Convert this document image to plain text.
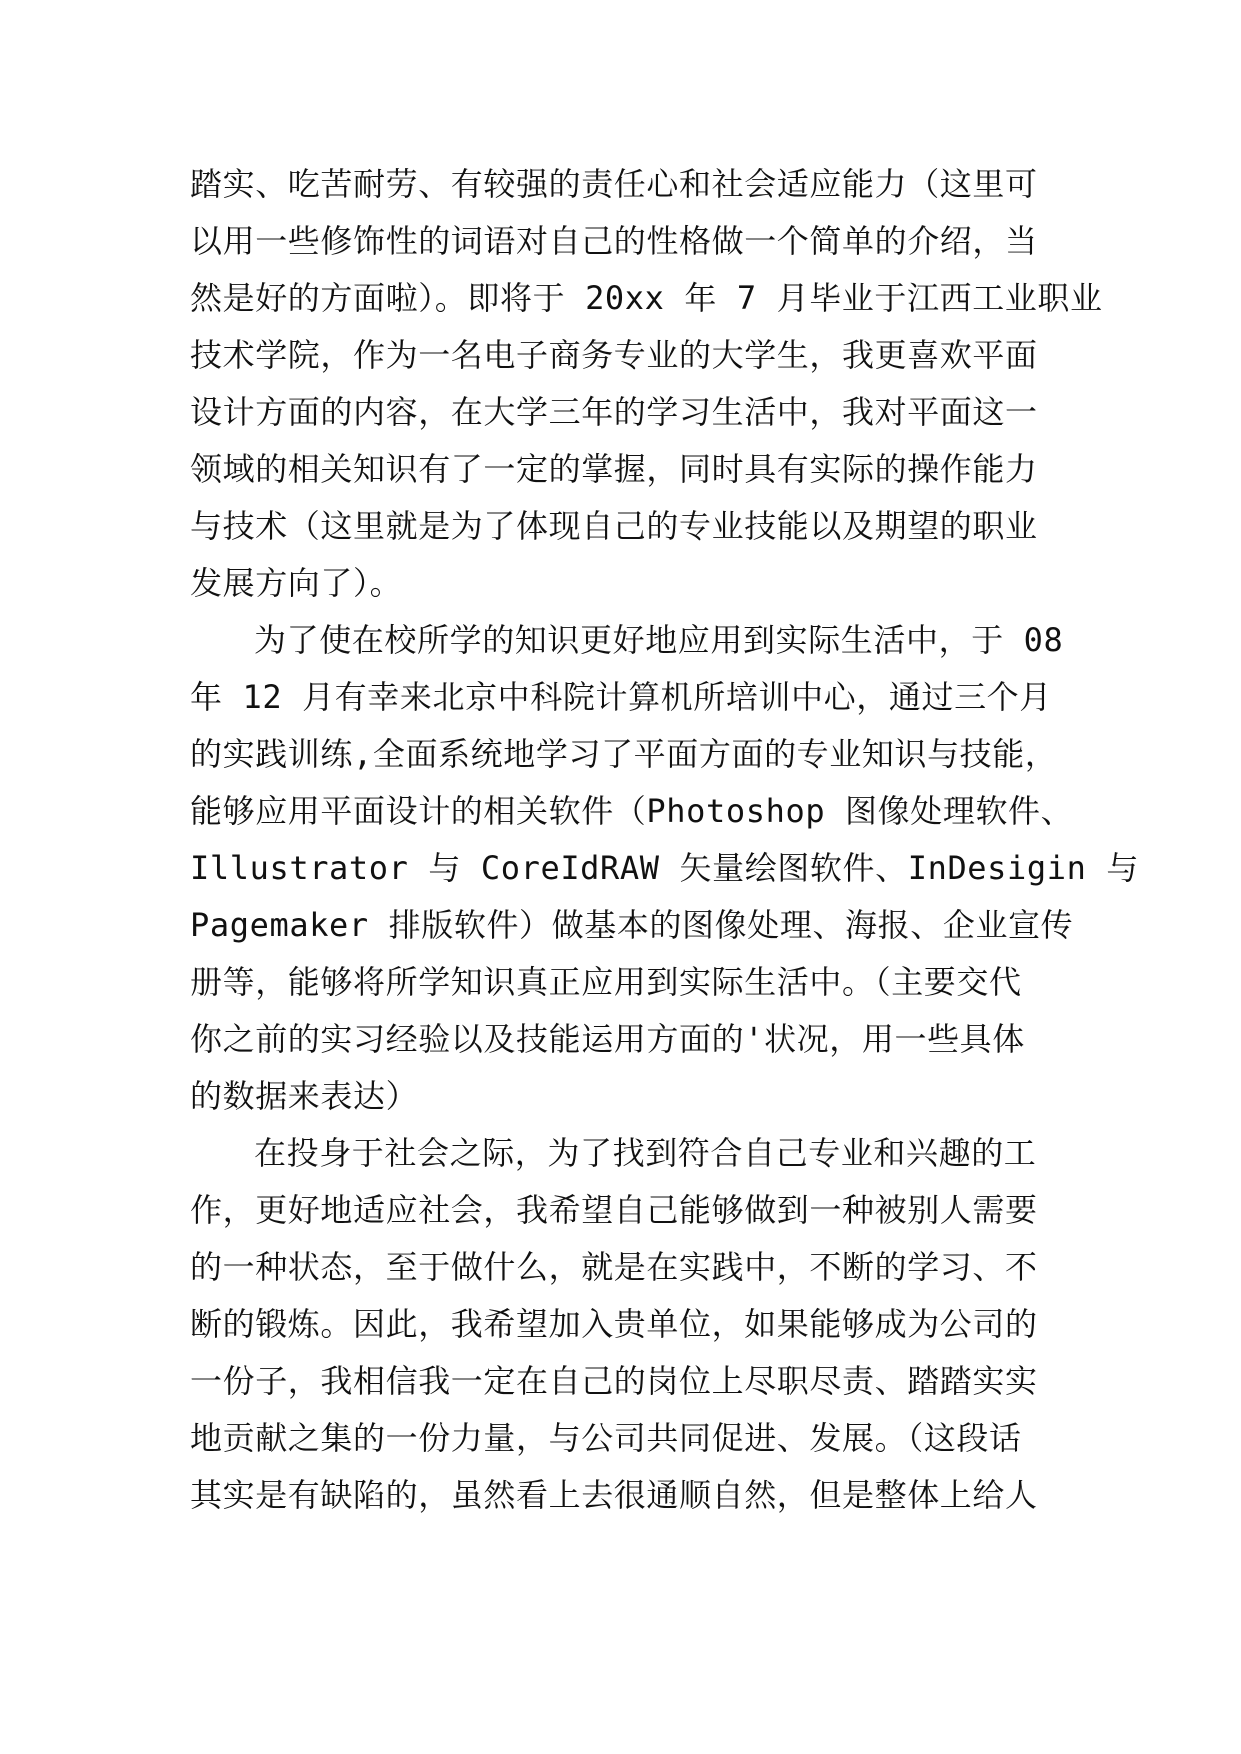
踏实、吃苦耐劳、有较强的责任心和社会适应能力（这里可
以用一些修饰性的词语对自己的性格做一个简单的介绍，当
然是好的方面啦）。即将于 20xx 年 7 月毕业于江西工业职业
技术学院，作为一名电子商务专业的大学生，我更喜欢平面
设计方面的内容，在大学三年的学习生活中，我对平面这一
领域的相关知识有了一定的掌握，同时具有实际的操作能力
与技术（这里就是为了体现自己的专业技能以及期望的职业
发展方向了）。
为了使在校所学的知识更好地应用到实际生活中，于 08
年 12 月有幸来北京中科院计算机所培训中心，通过三个月
的实践训练,全面系统地学习了平面方面的专业知识与技能，
能够应用平面设计的相关软件（Photoshop 图像处理软件、
Illustrator 与 CoreIdRAW 矢量绘图软件、InDesigin 与
Pagemaker 排版软件）做基本的图像处理、海报、企业宣传
册等，能够将所学知识真正应用到实际生活中。（主要交代
你之前的实习经验以及技能运用方面的'状况，用一些具体
的数据来表达）
在投身于社会之际，为了找到符合自己专业和兴趣的工
作，更好地适应社会，我希望自己能够做到一种被别人需要
的一种状态，至于做什么，就是在实践中，不断的学习、不
断的锻炼。因此，我希望加入贵单位，如果能够成为公司的
一份子，我相信我一定在自己的岗位上尽职尽责、踏踏实实
地贡献之集的一份力量，与公司共同促进、发展。（这段话
其实是有缺陷的，虽然看上去很通顺自然，但是整体上给人
